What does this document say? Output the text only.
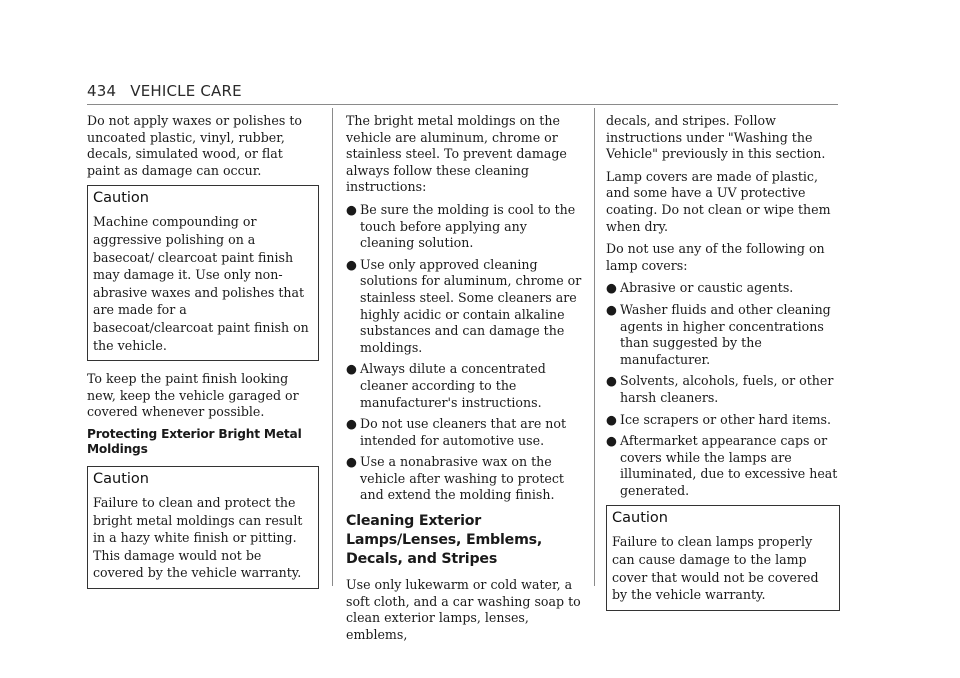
434 VEHICLE CARE

Do not apply waxes or polishes to uncoated plastic, vinyl, rubber, decals, simulated wood, or flat paint as damage can occur.

Caution
Machine compounding or aggressive polishing on a basecoat/ clearcoat paint finish may damage it. Use only non-abrasive waxes and polishes that are made for a basecoat/clearcoat paint finish on the vehicle.

To keep the paint finish looking new, keep the vehicle garaged or covered whenever possible.

Protecting Exterior Bright Metal Moldings
Caution
Failure to clean and protect the bright metal moldings can result in a hazy white finish or pitting. This damage would not be covered by the vehicle warranty.

The bright metal moldings on the vehicle are aluminum, chrome or stainless steel. To prevent damage always follow these cleaning instructions:

● Be sure the molding is cool to the touch before applying any cleaning solution.
● Use only approved cleaning solutions for aluminum, chrome or stainless steel. Some cleaners are highly acidic or contain alkaline substances and can damage the moldings.
● Always dilute a concentrated cleaner according to the manufacturer's instructions.
● Do not use cleaners that are not intended for automotive use.
● Use a nonabrasive wax on the vehicle after washing to protect and extend the molding finish.
Cleaning Exterior Lamps/Lenses, Emblems, Decals, and Stripes

Use only lukewarm or cold water, a soft cloth, and a car washing soap to clean exterior lamps, lenses, emblems,

decals, and stripes. Follow instructions under "Washing the Vehicle" previously in this section.

Lamp covers are made of plastic, and some have a UV protective coating. Do not clean or wipe them when dry.

Do not use any of the following on lamp covers:

● Abrasive or caustic agents.
● Washer fluids and other cleaning agents in higher concentrations than suggested by the manufacturer.
● Solvents, alcohols, fuels, or other harsh cleaners.
● Ice scrapers or other hard items.
● Aftermarket appearance caps or covers while the lamps are illuminated, due to excessive heat generated.
Caution
Failure to clean lamps properly can cause damage to the lamp cover that would not be covered by the vehicle warranty.
